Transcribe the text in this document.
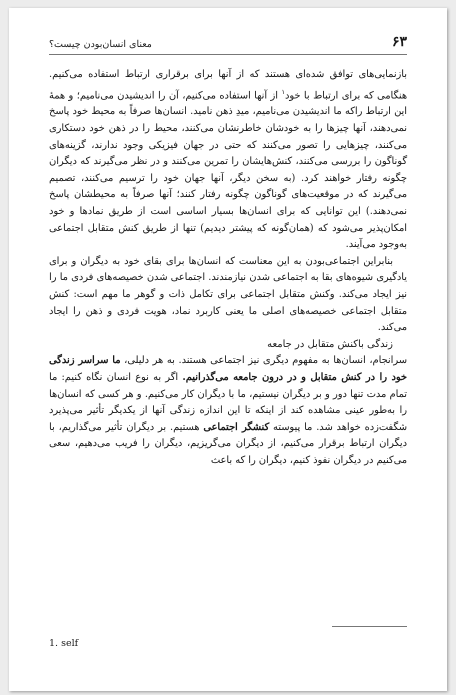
۶۳
معنای انسان‌بودن چیست؟

بازنمایی‌های توافق شده‌ای هستند که از آنها برای برقراری ارتباط استفاده می‌کنیم. هنگامی که برای ارتباط با خود$^۱$ از آنها استفاده می‌کنیم، آن را اندیشیدن می‌نامیم؛ و همهٔ این ارتباط راکه ما اندیشیدن می‌نامیم، میدِ ذهن نامید. انسان‌ها صرفاً به محیط خود پاسخ نمی‌دهند، آنها چیزها را به خودشان خاطرنشان می‌کنند، محیط را در ذهن خود دستکاری می‌کنند، چیزهایی را تصور می‌کنند که حتی در جهان فیزیکی وجود ندارند، گزینه‌های گوناگون را بررسی می‌کنند، کنش‌هایشان را تمرین می‌کنند و در نظر می‌گیرند که دیگران چگونه رفتار خواهند کرد. (به سخن دیگر، آنها جهان خود را ترسیم می‌کنند، تصمیم می‌گیرند که در موقعیت‌های گوناگون چگونه رفتار کنند؛ آنها صرفاً به محیطشان پاسخ نمی‌دهند.) این توانایی که برای انسان‌ها بسیار اساسی است از طریق نمادها و خود امکان‌پذیر می‌شود که (همان‌گونه که پیشتر دیدیم) تنها از طریق کنش متقابل اجتماعی به‌وجود می‌آیند.

بنابراین اجتماعی‌بودن به این معناست که انسان‌ها برای بقای خود به دیگران و برای یادگیری شیوه‌های بقا به اجتماعی شدن نیازمندند. اجتماعی شدن خصیصه‌های فردی ما را نیز ایجاد می‌کند. وکنش متقابل اجتماعی برای تکامل ذات و گوهر ما مهم است: کنش متقابل اجتماعی خصیصه‌های اصلی ما یعنی کاربرد نماد، هویت فردی و ذهن را ایجاد می‌کند.

زندگی باکنش متقابل در جامعه

سرانجام، انسان‌ها به مفهوم دیگری نیز اجتماعی هستند. به هر دلیلی، ما سراسر زندگی خود را در کنش متقابل و در درون جامعه می‌گذرانیم. اگر به نوع انسان نگاه کنیم: ما تمام مدت تنها دور و بر دیگران نیستیم، ما با دیگران کار می‌کنیم. و هر کسی که انسان‌ها را به‌طور عینی مشاهده کند از اینکه تا این اندازه زندگی آنها از یکدیگر تأثیر می‌پذیرد شگفت‌زده خواهد شد. ما پیوسته کنشگر اجتماعی هستیم. بر دیگران تأثیر می‌گذاریم، با دیگران ارتباط برقرار می‌کنیم، از دیگران می‌گریزیم، دیگران را فریب می‌دهیم، سعی می‌کنیم در دیگران نفوذ کنیم، دیگران را که باعث

1. self
